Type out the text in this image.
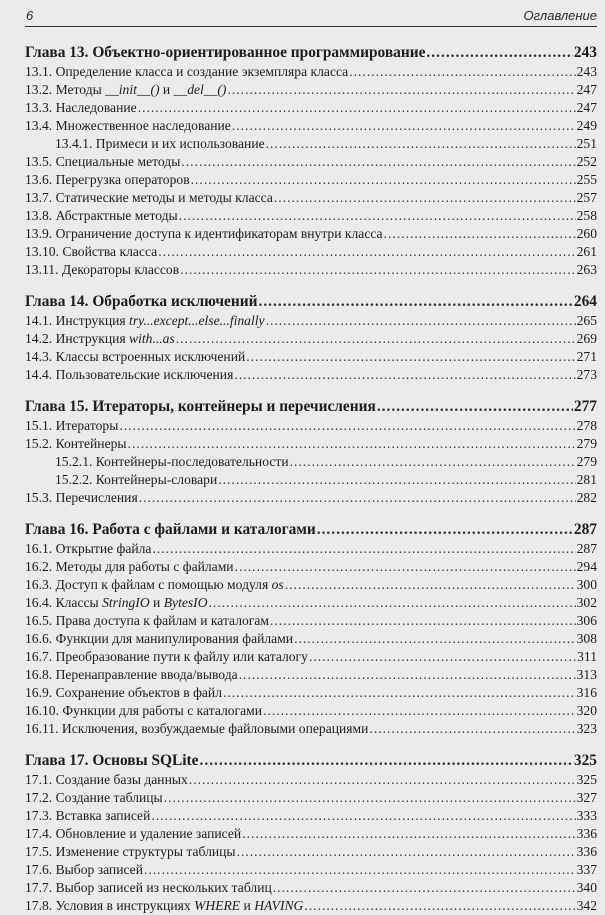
6	Оглавление
Глава 13. Объектно-ориентированное программирование .....	243
13.1. Определение класса и создание экземпляра класса .....	243
13.2. Методы __init__() и __del__() .....	247
13.3. Наследование .....	247
13.4. Множественное наследование .....	249
13.4.1. Примеси и их использование .....	251
13.5. Специальные методы .....	252
13.6. Перегрузка операторов .....	255
13.7. Статические методы и методы класса .....	257
13.8. Абстрактные методы .....	258
13.9. Ограничение доступа к идентификаторам внутри класса .....	260
13.10. Свойства класса .....	261
13.11. Декораторы классов .....	263
Глава 14. Обработка исключений .....	264
14.1. Инструкция try...except...else...finally .....	265
14.2. Инструкция with...as .....	269
14.3. Классы встроенных исключений .....	271
14.4. Пользовательские исключения .....	273
Глава 15. Итераторы, контейнеры и перечисления .....	277
15.1. Итераторы .....	278
15.2. Контейнеры .....	279
15.2.1. Контейнеры-последовательности .....	279
15.2.2. Контейнеры-словари .....	281
15.3. Перечисления .....	282
Глава 16. Работа с файлами и каталогами .....	287
16.1. Открытие файла .....	287
16.2. Методы для работы с файлами .....	294
16.3. Доступ к файлам с помощью модуля os .....	300
16.4. Классы StringIO и BytesIO .....	302
16.5. Права доступа к файлам и каталогам .....	306
16.6. Функции для манипулирования файлами .....	308
16.7. Преобразование пути к файлу или каталогу .....	311
16.8. Перенаправление ввода/вывода .....	313
16.9. Сохранение объектов в файл .....	316
16.10. Функции для работы с каталогами .....	320
16.11. Исключения, возбуждаемые файловыми операциями .....	323
Глава 17. Основы SQLite .....	325
17.1. Создание базы данных .....	325
17.2. Создание таблицы .....	327
17.3. Вставка записей .....	333
17.4. Обновление и удаление записей .....	336
17.5. Изменение структуры таблицы .....	336
17.6. Выбор записей .....	337
17.7. Выбор записей из нескольких таблиц .....	340
17.8. Условия в инструкциях WHERE и HAVING .....	342
